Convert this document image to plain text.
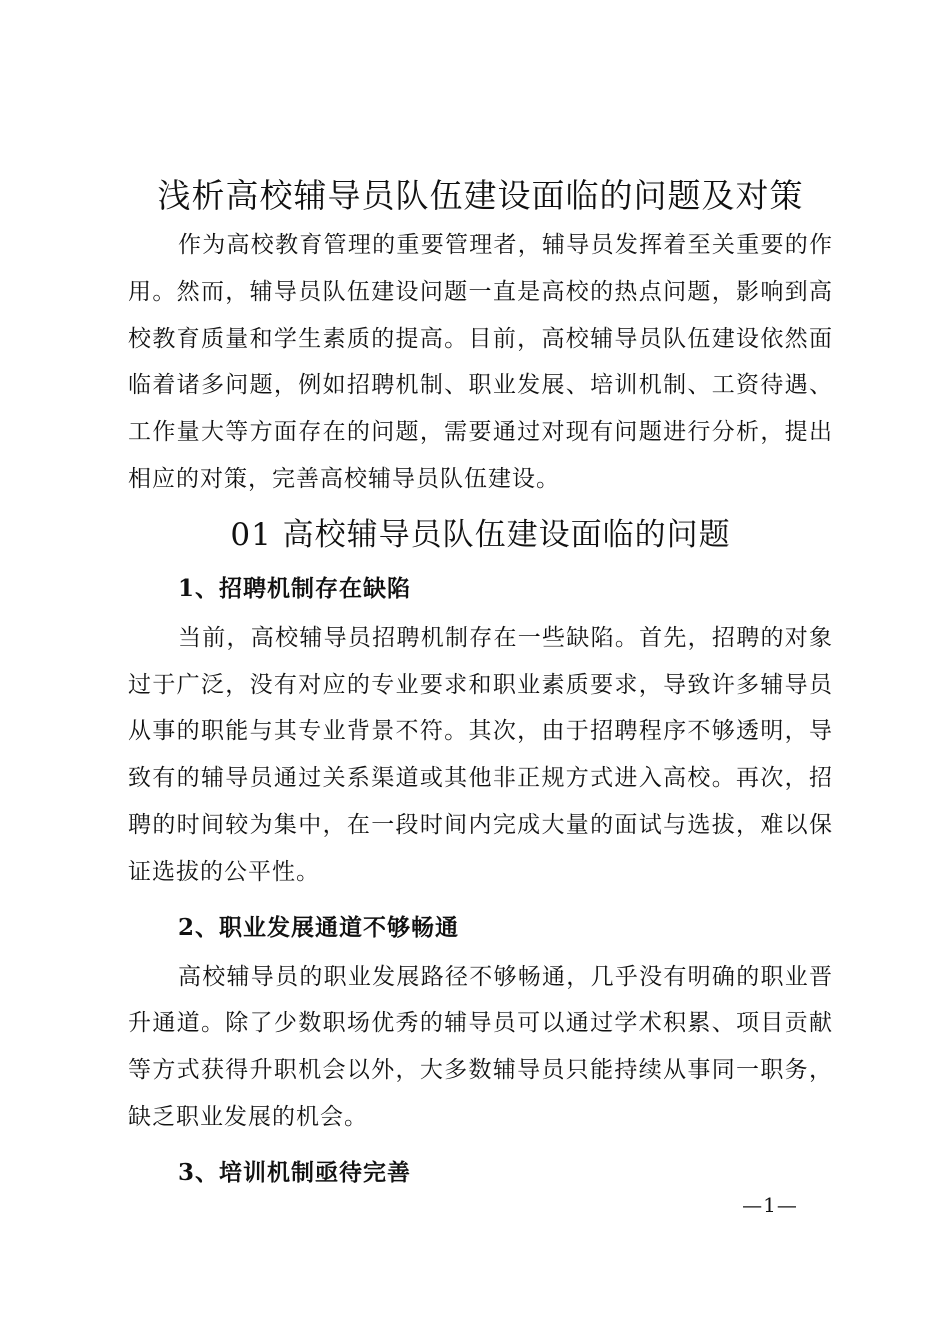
浅析高校辅导员队伍建设面临的问题及对策

作为高校教育管理的重要管理者，辅导员发挥着至关重要的作用。然而，辅导员队伍建设问题一直是高校的热点问题，影响到高校教育质量和学生素质的提高。目前，高校辅导员队伍建设依然面临着诸多问题，例如招聘机制、职业发展、培训机制、工资待遇、工作量大等方面存在的问题，需要通过对现有问题进行分析，提出相应的对策，完善高校辅导员队伍建设。

01 高校辅导员队伍建设面临的问题
1、招聘机制存在缺陷

当前，高校辅导员招聘机制存在一些缺陷。首先，招聘的对象过于广泛，没有对应的专业要求和职业素质要求，导致许多辅导员从事的职能与其专业背景不符。其次，由于招聘程序不够透明，导致有的辅导员通过关系渠道或其他非正规方式进入高校。再次，招聘的时间较为集中，在一段时间内完成大量的面试与选拔，难以保证选拔的公平性。

2、职业发展通道不够畅通

高校辅导员的职业发展路径不够畅通，几乎没有明确的职业晋升通道。除了少数职场优秀的辅导员可以通过学术积累、项目贡献等方式获得升职机会以外，大多数辅导员只能持续从事同一职务，缺乏职业发展的机会。

3、培训机制亟待完善
—1—
